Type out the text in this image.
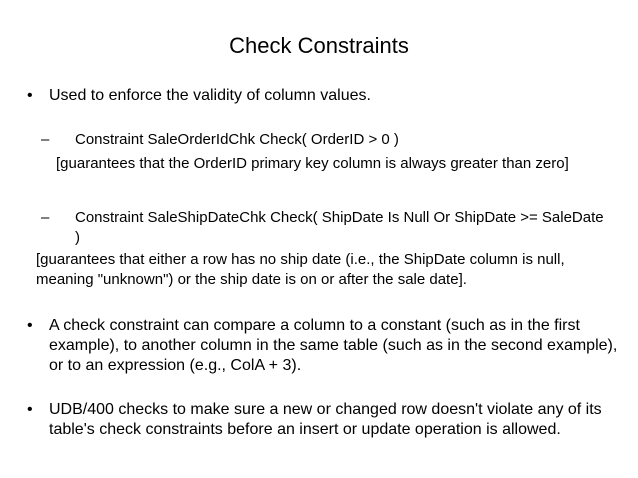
Check Constraints
• Used to enforce the validity of column values.
– Constraint SaleOrderIdChk Check( OrderID > 0 )
[guarantees that the OrderID primary key column is always greater than zero]
– Constraint SaleShipDateChk Check( ShipDate Is Null Or ShipDate >= SaleDate )
[guarantees that either a row has no ship date (i.e., the ShipDate column is null, meaning "unknown") or the ship date is on or after the sale date].
• A check constraint can compare a column to a constant (such as in the first example), to another column in the same table (such as in the second example), or to an expression (e.g., ColA + 3).
• UDB/400 checks to make sure a new or changed row doesn't violate any of its table's check constraints before an insert or update operation is allowed.
